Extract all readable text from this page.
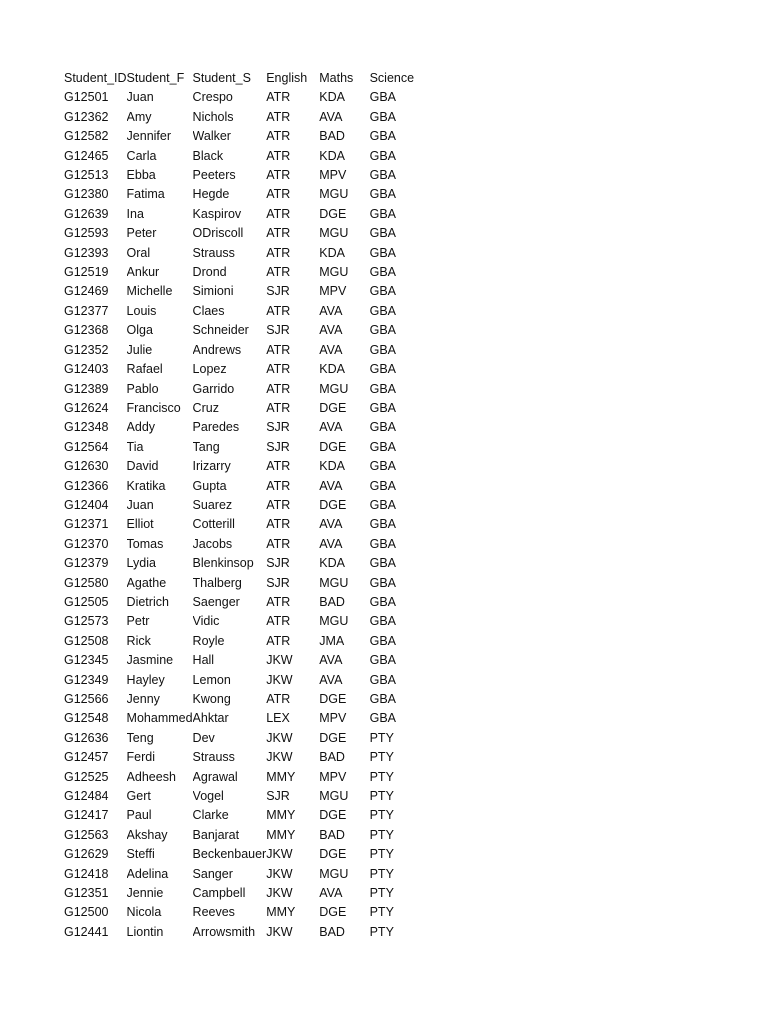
Student_ID	Student_F	Student_S	English	Maths	Science
G12501	Juan	Crespo	ATR	KDA	GBA
G12362	Amy	Nichols	ATR	AVA	GBA
G12582	Jennifer	Walker	ATR	BAD	GBA
G12465	Carla	Black	ATR	KDA	GBA
G12513	Ebba	Peeters	ATR	MPV	GBA
G12380	Fatima	Hegde	ATR	MGU	GBA
G12639	Ina	Kaspirov	ATR	DGE	GBA
G12593	Peter	ODriscoll	ATR	MGU	GBA
G12393	Oral	Strauss	ATR	KDA	GBA
G12519	Ankur	Drond	ATR	MGU	GBA
G12469	Michelle	Simioni	SJR	MPV	GBA
G12377	Louis	Claes	ATR	AVA	GBA
G12368	Olga	Schneider	SJR	AVA	GBA
G12352	Julie	Andrews	ATR	AVA	GBA
G12403	Rafael	Lopez	ATR	KDA	GBA
G12389	Pablo	Garrido	ATR	MGU	GBA
G12624	Francisco	Cruz	ATR	DGE	GBA
G12348	Addy	Paredes	SJR	AVA	GBA
G12564	Tia	Tang	SJR	DGE	GBA
G12630	David	Irizarry	ATR	KDA	GBA
G12366	Kratika	Gupta	ATR	AVA	GBA
G12404	Juan	Suarez	ATR	DGE	GBA
G12371	Elliot	Cotterill	ATR	AVA	GBA
G12370	Tomas	Jacobs	ATR	AVA	GBA
G12379	Lydia	Blenkinsop	SJR	KDA	GBA
G12580	Agathe	Thalberg	SJR	MGU	GBA
G12505	Dietrich	Saenger	ATR	BAD	GBA
G12573	Petr	Vidic	ATR	MGU	GBA
G12508	Rick	Royle	ATR	JMA	GBA
G12345	Jasmine	Hall	JKW	AVA	GBA
G12349	Hayley	Lemon	JKW	AVA	GBA
G12566	Jenny	Kwong	ATR	DGE	GBA
G12548	Mohammed	Ahktar	LEX	MPV	GBA
G12636	Teng	Dev	JKW	DGE	PTY
G12457	Ferdi	Strauss	JKW	BAD	PTY
G12525	Adheesh	Agrawal	MMY	MPV	PTY
G12484	Gert	Vogel	SJR	MGU	PTY
G12417	Paul	Clarke	MMY	DGE	PTY
G12563	Akshay	Banjarat	MMY	BAD	PTY
G12629	Steffi	Beckenbauer	JKW	DGE	PTY
G12418	Adelina	Sanger	JKW	MGU	PTY
G12351	Jennie	Campbell	JKW	AVA	PTY
G12500	Nicola	Reeves	MMY	DGE	PTY
G12441	Liontin	Arrowsmith	JKW	BAD	PTY
